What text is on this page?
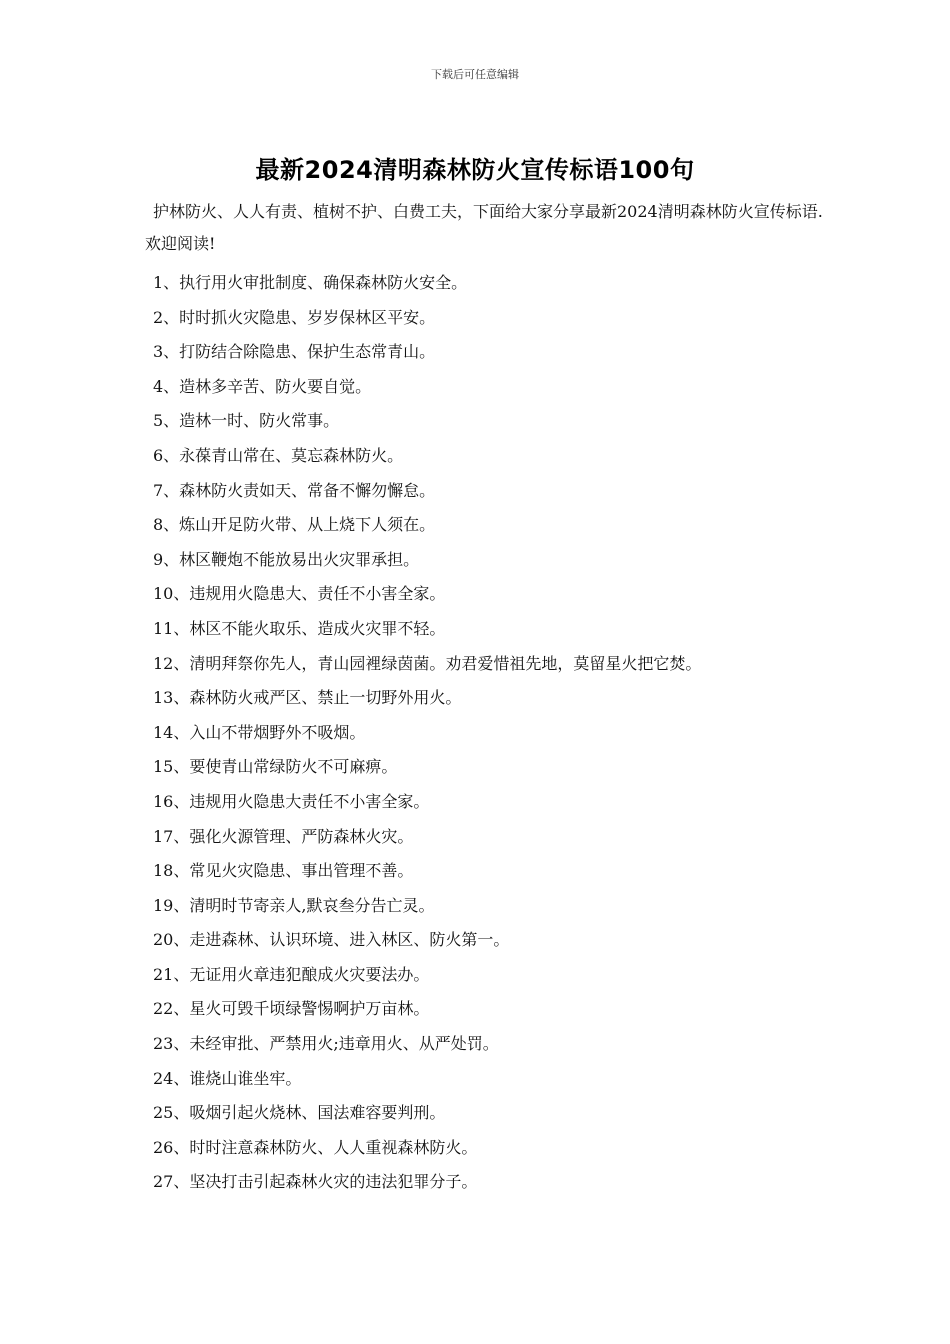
下载后可任意编辑
最新2024清明森林防火宣传标语100句
护林防火、人人有责、植树不护、白费工夫，下面给大家分享最新2024清明森林防火宣传标语.欢迎阅读!
1、执行用火审批制度、确保森林防火安全。
2、时时抓火灾隐患、岁岁保林区平安。
3、打防结合除隐患、保护生态常青山。
4、造林多辛苦、防火要自觉。
5、造林一时、防火常事。
6、永葆青山常在、莫忘森林防火。
7、森林防火责如天、常备不懈勿懈怠。
8、炼山开足防火带、从上烧下人须在。
9、林区鞭炮不能放易出火灾罪承担。
10、违规用火隐患大、责任不小害全家。
11、林区不能火取乐、造成火灾罪不轻。
12、清明拜祭你先人，青山园裡绿茵菌。劝君爱惜祖先地，莫留星火把它焚。
13、森林防火戒严区、禁止一切野外用火。
14、入山不带烟野外不吸烟。
15、要使青山常绿防火不可麻痹。
16、违规用火隐患大责任不小害全家。
17、强化火源管理、严防森林火灾。
18、常见火灾隐患、事出管理不善。
19、清明时节寄亲人,默哀叁分告亡灵。
20、走进森林、认识环境、进入林区、防火第一。
21、无证用火章违犯酿成火灾要法办。
22、星火可毁千顷绿警惕啊护万亩林。
23、未经审批、严禁用火;违章用火、从严处罚。
24、谁烧山谁坐牢。
25、吸烟引起火烧林、国法难容要判刑。
26、时时注意森林防火、人人重视森林防火。
27、坚决打击引起森林火灾的违法犯罪分子。
